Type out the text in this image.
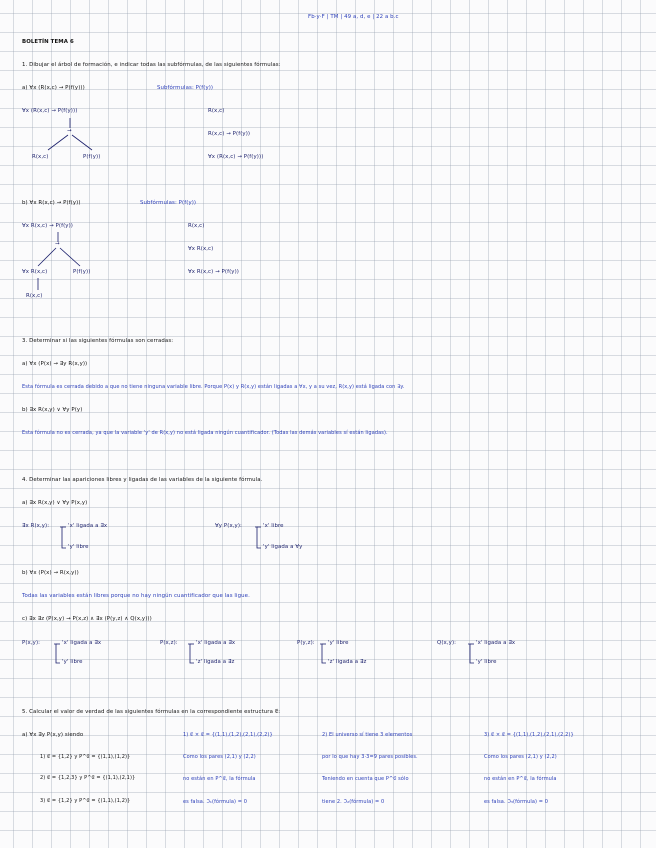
Fb·y·F | TM | 49 a, d, e | 22 a b.c
BOLETÍN TEMA 6
1. Dibujar el árbol de formación, e indicar todas las subfórmulas, de las siguientes fórmulas:
a) ∀x (R(x,c) → P(f(y)))	Subfórmulas: P(f(y))
∀x (R(x,c) → P(f(y)))
→
R(x,c)	P(f(y))
R(x,c)
R(x,c) → P(f(y))
∀x (R(x,c) → P(f(y)))
b) ∀x R(x,c) → P(f(y))	Subfórmulas: P(f(y))
∀x R(x,c) → P(f(y))
→
∀x R(x,c)	P(f(y))
R(x,c)
R(x,c)
∀x R(x,c)
∀x R(x,c) → P(f(y))
3. Determinar si las siguientes fórmulas son cerradas:
a) ∀x (P(x) → ∃y R(x,y))
Esta fórmula es cerrada debido a que no tiene ninguna variable libre. Porque P(x) y R(x,y) están ligadas a ∀x, y a su vez, R(x,y) está ligada con ∃y.
b) ∃x R(x,y) ∨ ∀y P(y)
Esta fórmula no es cerrada, ya que la variable 'y' de R(x,y) no está ligada ningún cuantificador. (Todas las demás variables sí están ligadas).
4. Determinar las apariciones libres y ligadas de las variables de la siguiente fórmula.
a) ∃x R(x,y) ∨ ∀y P(x,y)
∃x R(x,y):	'x' ligada a ∃x
'y' libre
∀y P(x,y):	'x' libre
'y' ligada a ∀y
b) ∀x (P(x) → R(x,y))
Todas las variables están libres porque no hay ningún cuantificador que las ligue.
c) ∃x ∃z (P(x,y) → P(x,z) ∧ ∃x (P(y,z) ∧ Q(x,y)))
P(x,y):	'x' ligada a ∃x
'y' libre
P(x,z):	'x' ligada a ∃x
'z' ligada a ∃z
P(y,z): 'y' libre
'z' ligada a ∃z
Q(x,y):	'x' ligada a ∃x
'y' libre
5. Calcular el valor de verdad de las siguientes fórmulas en la correspondiente estructura 𝔈:
a) ∀x ∃y P(x,y) siendo
1) 𝔈 = {1,2} y P^𝔈 = {(1,1),(1,2)}
2) 𝔈 = {1,2,3} y P^𝔈 = {(1,1),(2,1)}
3) 𝔈 = {1,2} y P^𝔈 = {(1,1),(1,2)}
1) 𝔈 × 𝔈 = {(1,1),(1,2),(2,1),(2,2)}
Como los pares (2,1) y (2,2)
no están en P^𝔈, la fórmula
es falsa. ℑ₁(fórmula) = 0
2) El universo sí tiene 3 elementos
por lo que hay 3·3=9 pares posibles.
Teniendo en cuenta que P^𝔈 sólo
tiene 2. ℑ₂(fórmula) = 0
3) 𝔈 × 𝔈 = {(1,1),(1,2),(2,1),(2,2)}
Como los pares (2,1) y (2,2)
no están en P^𝔈, la fórmula
es falsa. ℑ₃(fórmula) = 0
